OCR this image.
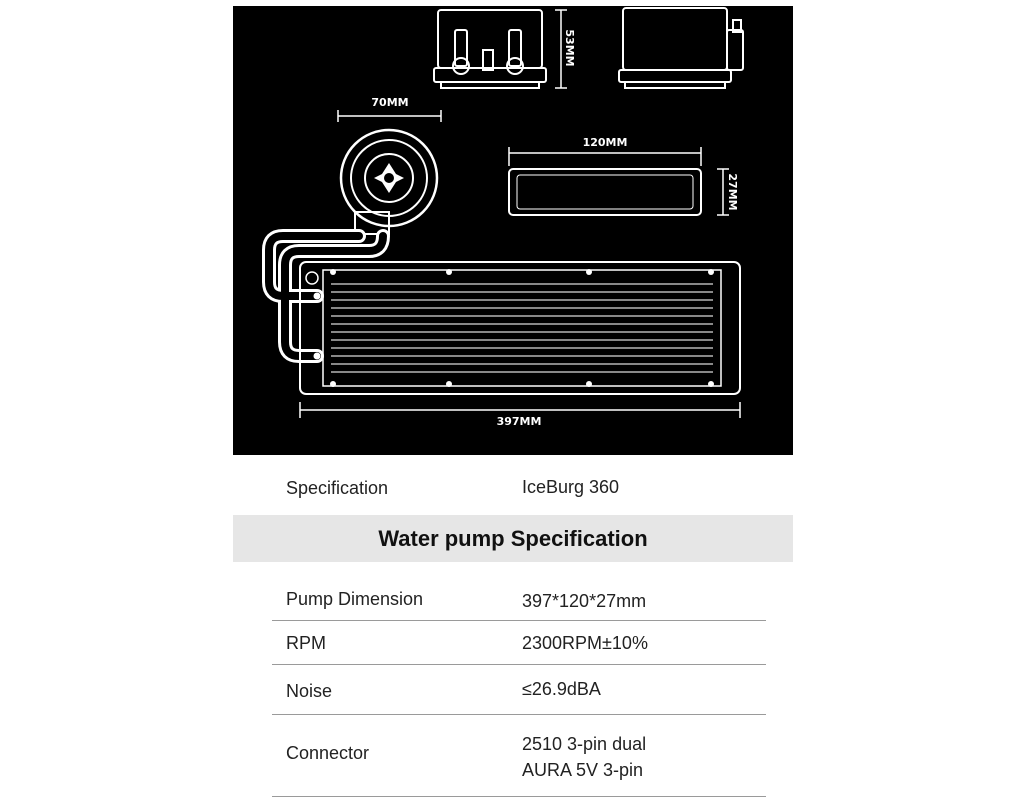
53MM
70MM
120MM
27MM
397MM
Specification	IceBurg 360
Water pump Specification
Pump Dimension	397*120*27mm
RPM	2300RPM±10%
Noise	≤26.9dBA
Connector	2510 3-pin dual
AURA 5V 3-pin
